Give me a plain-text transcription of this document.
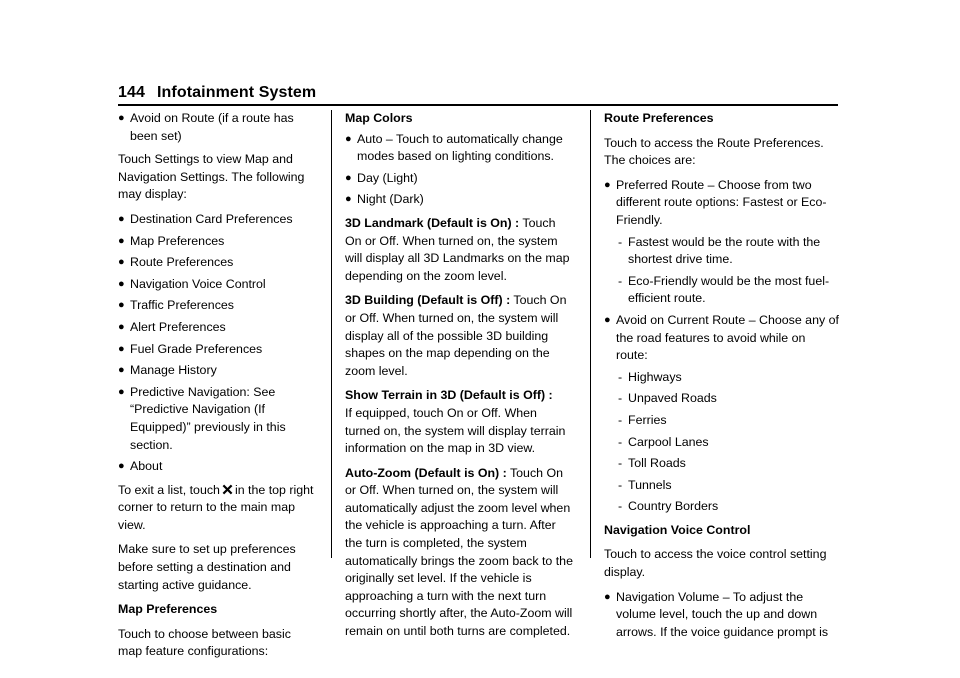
144 Infotainment System
● Avoid on Route (if a route has been set)

Touch Settings to view Map and Navigation Settings. The following may display:

● Destination Card Preferences
● Map Preferences
● Route Preferences
● Navigation Voice Control
● Traffic Preferences
● Alert Preferences
● Fuel Grade Preferences
● Manage History
● Predictive Navigation: See “Predictive Navigation (If Equipped)” previously in this section.
● About

To exit a list, touch in the top right corner to return to the main map view.

Make sure to set up preferences before setting a destination and starting active guidance.

Map Preferences

Touch to choose between basic map feature configurations:

Map Colors

● Auto – Touch to automatically change modes based on lighting conditions.
● Day (Light)
● Night (Dark)

3D Landmark (Default is On) : Touch On or Off. When turned on, the system will display all 3D Landmarks on the map depending on the zoom level.

3D Building (Default is Off) : Touch On or Off. When turned on, the system will display all of the possible 3D building shapes on the map depending on the zoom level.

Show Terrain in 3D (Default is Off) :
If equipped, touch On or Off. When turned on, the system will display terrain information on the map in 3D view.

Auto-Zoom (Default is On) : Touch On or Off. When turned on, the system will automatically adjust the zoom level when the vehicle is approaching a turn. After the turn is completed, the system automatically brings the zoom back to the originally set level. If the vehicle is approaching a turn with the next turn occurring shortly after, the Auto-Zoom will remain on until both turns are completed.

Route Preferences

Touch to access the Route Preferences. The choices are:

● Preferred Route – Choose from two different route options: Fastest or Eco-Friendly.
- Fastest would be the route with the shortest drive time.
- Eco-Friendly would be the most fuel-efficient route.
● Avoid on Current Route – Choose any of the road features to avoid while on route:
- Highways
- Unpaved Roads
- Ferries
- Carpool Lanes
- Toll Roads
- Tunnels
- Country Borders

Navigation Voice Control

Touch to access the voice control setting display.

● Navigation Volume – To adjust the volume level, touch the up and down arrows. If the voice guidance prompt is
